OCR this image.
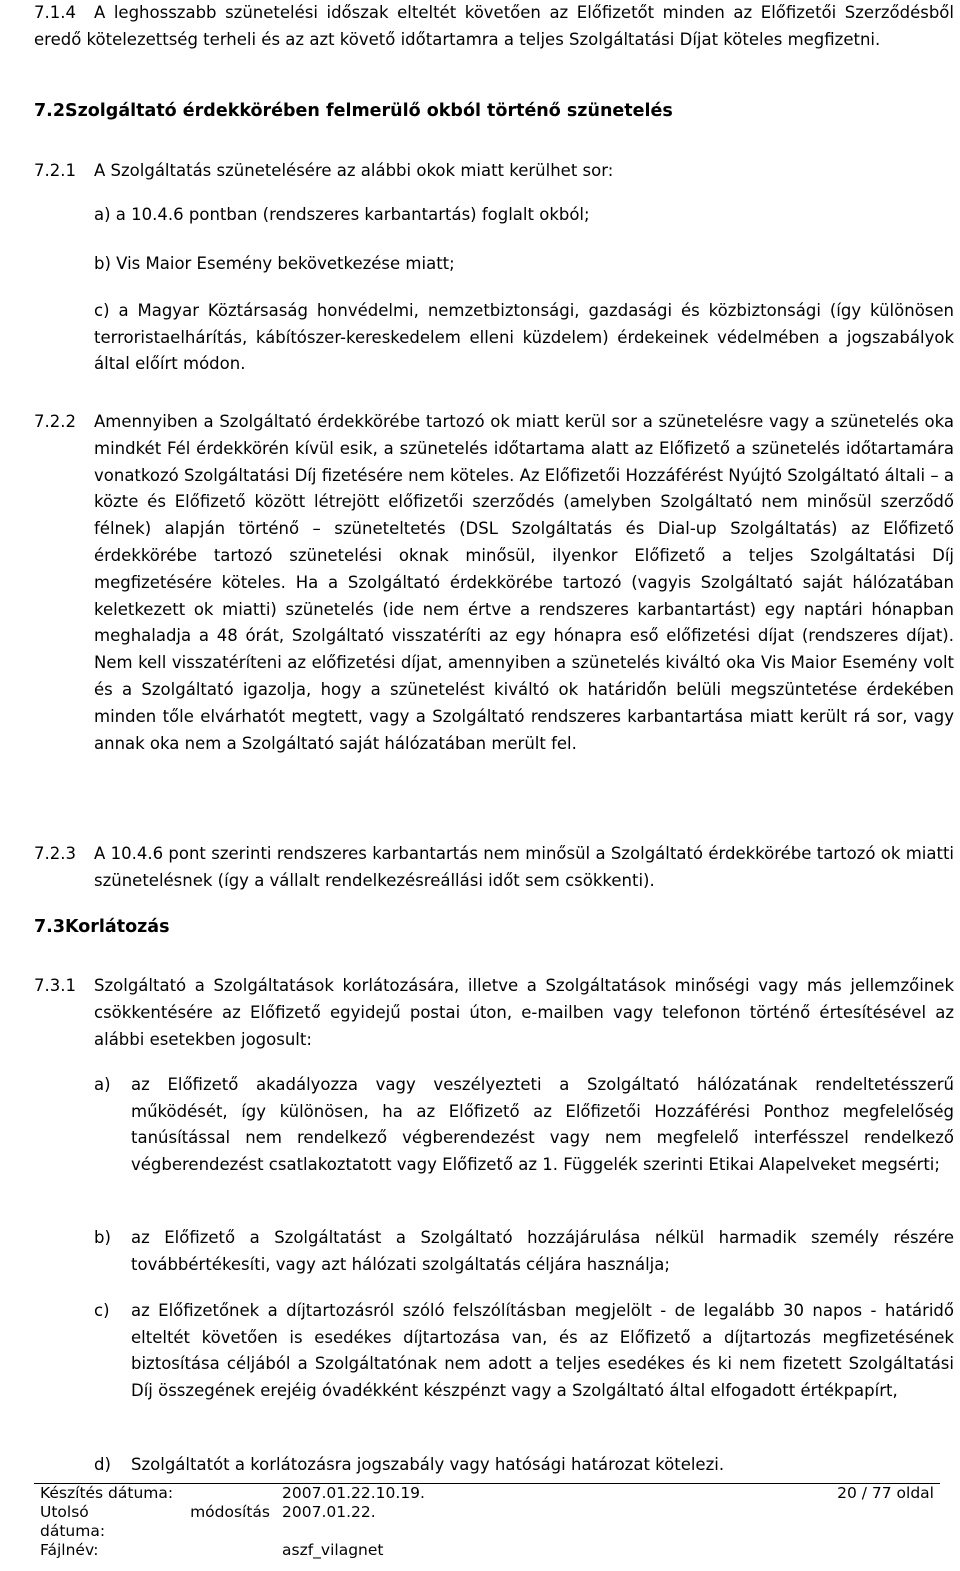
7.1.4	A leghosszabb szünetelési időszak elteltét követően az Előfizetőt minden az Előfizetői Szerződésből eredő kötelezettség terheli és az azt követő időtartamra a teljes Szolgáltatási Díjat köteles megfizetni.

7.2.
Szolgáltató érdekkörében felmerülő okból történő szünetelés
7.2.1 A Szolgáltatás szünetelésére az alábbi okok miatt kerülhet sor:

a) a 10.4.6 pontban (rendszeres karbantartás) foglalt okból;

b) Vis Maior Esemény bekövetkezése miatt;

c) a Magyar Köztársaság honvédelmi, nemzetbiztonsági, gazdasági és közbiztonsági (így különösen terroristaelhárítás, kábítószer-kereskedelem elleni küzdelem) érdekeinek védelmében a jogszabályok által előírt módon.

7.2.2 Amennyiben a Szolgáltató érdekkörébe tartozó ok miatt kerül sor a szünetelésre vagy a szünetelés oka mindkét Fél érdekkörén kívül esik, a szünetelés időtartama alatt az Előfizető a szünetelés időtartamára vonatkozó Szolgáltatási Díj fizetésére nem köteles. Az Előfizetői Hozzáférést Nyújtó Szolgáltató általi – a közte és Előfizető között létrejött előfizetői szerződés (amelyben Szolgáltató nem minősül szerződő félnek) alapján történő – szüneteltetés (DSL Szolgáltatás és Dial-up Szolgáltatás) az Előfizető érdekkörébe tartozó szünetelési oknak minősül, ilyenkor Előfizető a teljes Szolgáltatási Díj megfizetésére köteles. Ha a Szolgáltató érdekkörébe tartozó (vagyis Szolgáltató saját hálózatában keletkezett ok miatti) szünetelés (ide nem értve a rendszeres karbantartást) egy naptári hónapban meghaladja a 48 órát, Szolgáltató visszatéríti az egy hónapra eső előfizetési díjat (rendszeres díjat). Nem kell visszatéríteni az előfizetési díjat, amennyiben a szünetelés kiváltó oka Vis Maior Esemény volt és a Szolgáltató igazolja, hogy a szünetelést kiváltó ok határidőn belüli megszüntetése érdekében minden tőle elvárhatót megtett, vagy a Szolgáltató rendszeres karbantartása miatt került rá sor, vagy annak oka nem a Szolgáltató saját hálózatában merült fel.

7.2.3 A 10.4.6 pont szerinti rendszeres karbantartás nem minősül a Szolgáltató érdekkörébe tartozó ok miatti szünetelésnek (így a vállalt rendelkezésreállási időt sem csökkenti).

7.3.
Korlátozás
7.3.1 Szolgáltató a Szolgáltatások korlátozására, illetve a Szolgáltatások minőségi vagy más jellemzőinek csökkentésére az Előfizető egyidejű postai úton, e-mailben vagy telefonon történő értesítésével az alábbi esetekben jogosult:

a) az Előfizető akadályozza vagy veszélyezteti a Szolgáltató hálózatának rendeltetésszerű működését, így különösen, ha az Előfizető az Előfizetői Hozzáférési Ponthoz megfelelőség tanúsítással nem rendelkező végberendezést vagy nem megfelelő interfésszel rendelkező végberendezést csatlakoztatott vagy Előfizető az 1. Függelék szerinti Etikai Alapelveket megsérti;

b) az Előfizető a Szolgáltatást a Szolgáltató hozzájárulása nélkül harmadik személy részére továbbértékesíti, vagy azt hálózati szolgáltatás céljára használja;

c) az Előfizetőnek a díjtartozásról szóló felszólításban megjelölt - de legalább 30 napos - határidő elteltét követően is esedékes díjtartozása van, és az Előfizető a díjtartozás megfizetésének biztosítása céljából a Szolgáltatónak nem adott a teljes esedékes és ki nem fizetett Szolgáltatási Díj összegének erejéig óvadékként készpénzt vagy a Szolgáltató által elfogadott értékpapírt,

d) Szolgáltatót a korlátozásra jogszabály vagy hatósági határozat kötelezi.

Készítés dátuma:	2007.01.22.10.19.	20 / 77 oldal

Utolsó módosítás
dátuma:	2007.01.22.	
Fájlnév:	aszf_vilagnet	
